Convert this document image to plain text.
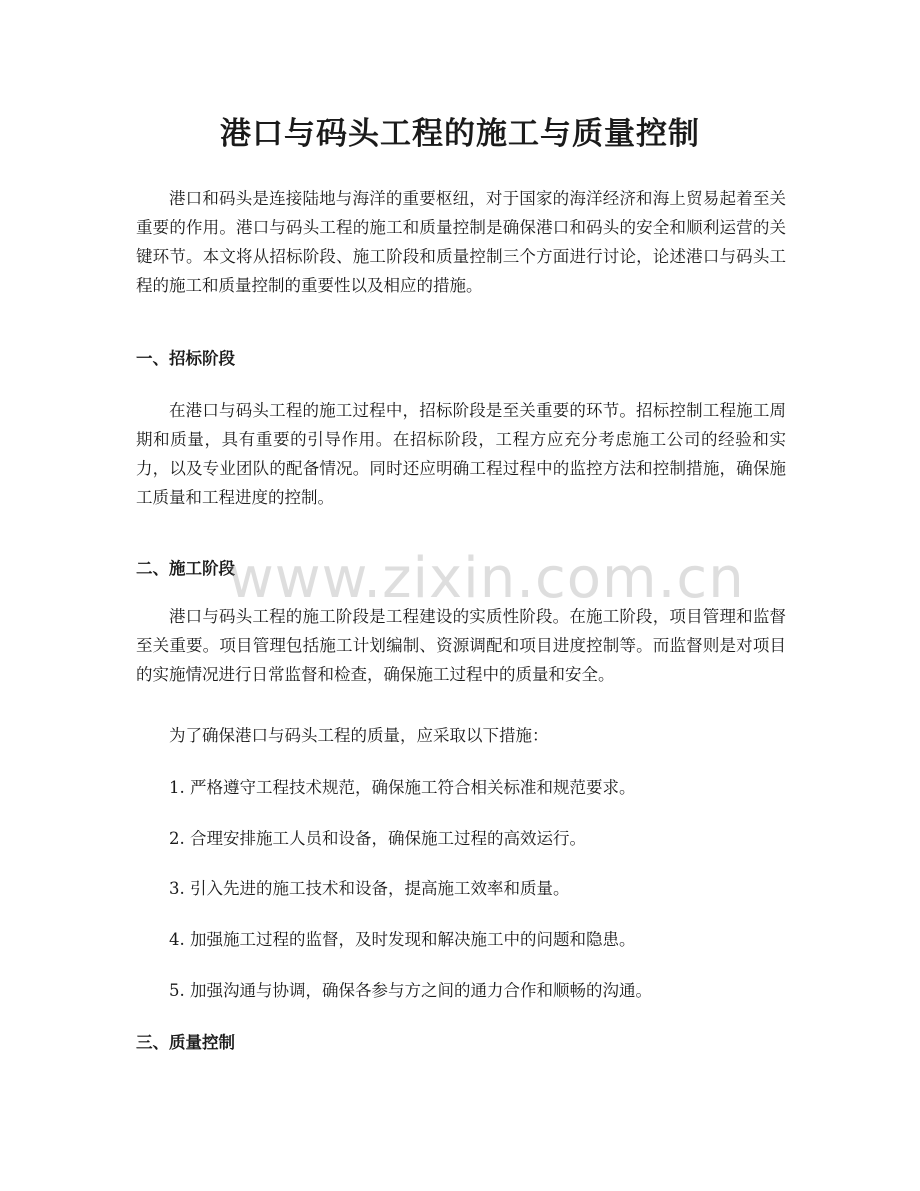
港口与码头工程的施工与质量控制

港口和码头是连接陆地与海洋的重要枢纽，对于国家的海洋经济和海上贸易起着至关重要的作用。港口与码头工程的施工和质量控制是确保港口和码头的安全和顺利运营的关键环节。本文将从招标阶段、施工阶段和质量控制三个方面进行讨论，论述港口与码头工程的施工和质量控制的重要性以及相应的措施。

一、招标阶段

在港口与码头工程的施工过程中，招标阶段是至关重要的环节。招标控制工程施工周期和质量，具有重要的引导作用。在招标阶段，工程方应充分考虑施工公司的经验和实力，以及专业团队的配备情况。同时还应明确工程过程中的监控方法和控制措施，确保施工质量和工程进度的控制。

二、施工阶段

港口与码头工程的施工阶段是工程建设的实质性阶段。在施工阶段，项目管理和监督至关重要。项目管理包括施工计划编制、资源调配和项目进度控制等。而监督则是对项目的实施情况进行日常监督和检查，确保施工过程中的质量和安全。

为了确保港口与码头工程的质量，应采取以下措施：

1. 严格遵守工程技术规范，确保施工符合相关标准和规范要求。

2. 合理安排施工人员和设备，确保施工过程的高效运行。

3. 引入先进的施工技术和设备，提高施工效率和质量。

4. 加强施工过程的监督，及时发现和解决施工中的问题和隐患。

5. 加强沟通与协调，确保各参与方之间的通力合作和顺畅的沟通。

三、质量控制
www.zixin.com.cn
